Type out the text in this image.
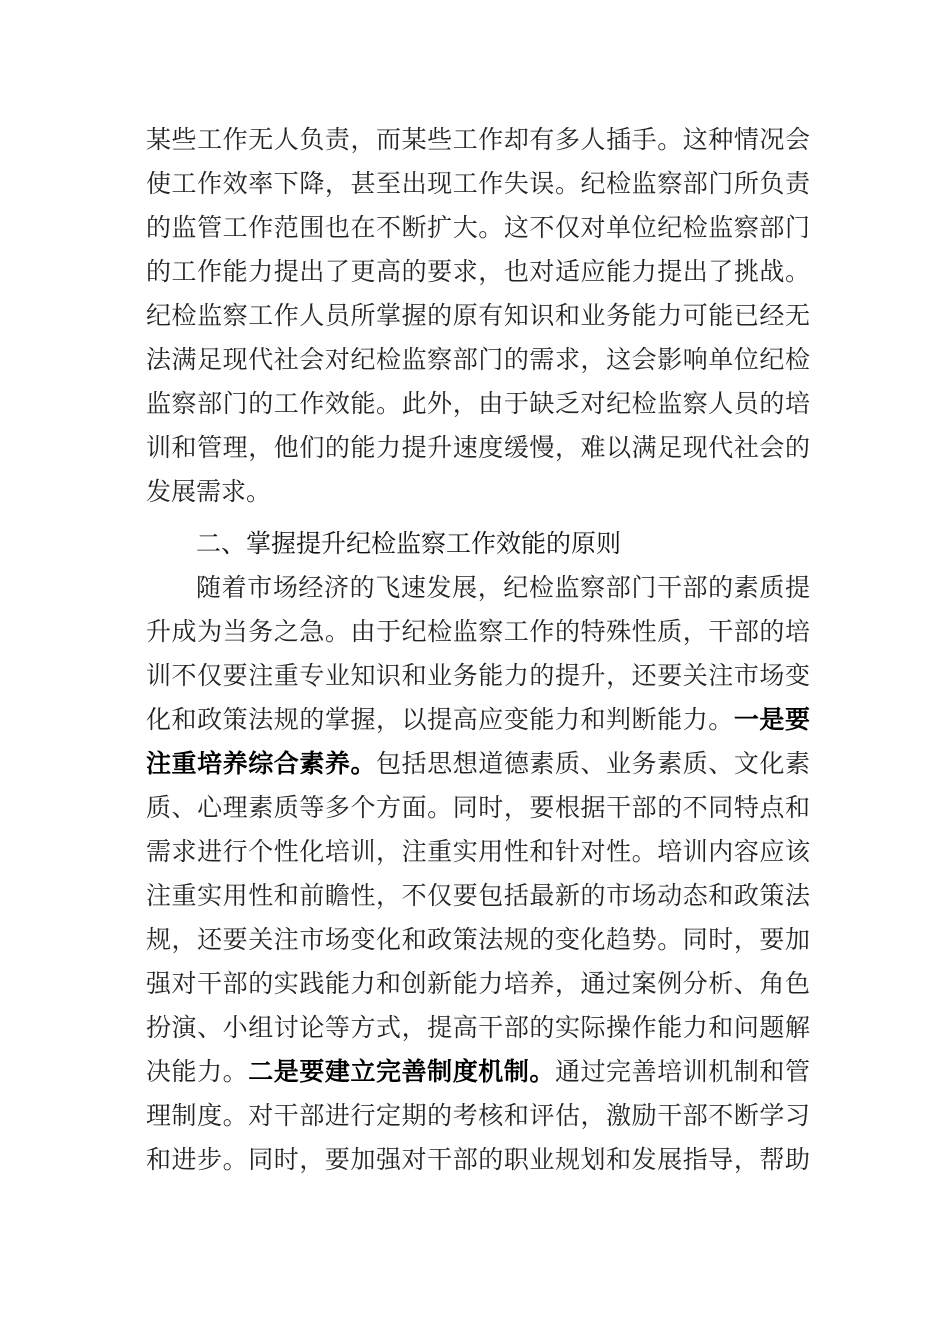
某些工作无人负责，而某些工作却有多人插手。这种情况会
使工作效率下降，甚至出现工作失误。纪检监察部门所负责
的监管工作范围也在不断扩大。这不仅对单位纪检监察部门
的工作能力提出了更高的要求，也对适应能力提出了挑战。
纪检监察工作人员所掌握的原有知识和业务能力可能已经无
法满足现代社会对纪检监察部门的需求，这会影响单位纪检
监察部门的工作效能。此外，由于缺乏对纪检监察人员的培
训和管理，他们的能力提升速度缓慢，难以满足现代社会的
发展需求。
二、掌握提升纪检监察工作效能的原则
随着市场经济的飞速发展，纪检监察部门干部的素质提
升成为当务之急。由于纪检监察工作的特殊性质，干部的培
训不仅要注重专业知识和业务能力的提升，还要关注市场变
化和政策法规的掌握，以提高应变能力和判断能力。一是要
注重培养综合素养。包括思想道德素质、业务素质、文化素
质、心理素质等多个方面。同时，要根据干部的不同特点和
需求进行个性化培训，注重实用性和针对性。培训内容应该
注重实用性和前瞻性，不仅要包括最新的市场动态和政策法
规，还要关注市场变化和政策法规的变化趋势。同时，要加
强对干部的实践能力和创新能力培养，通过案例分析、角色
扮演、小组讨论等方式，提高干部的实际操作能力和问题解
决能力。二是要建立完善制度机制。通过完善培训机制和管
理制度。对干部进行定期的考核和评估，激励干部不断学习
和进步。同时，要加强对干部的职业规划和发展指导，帮助
